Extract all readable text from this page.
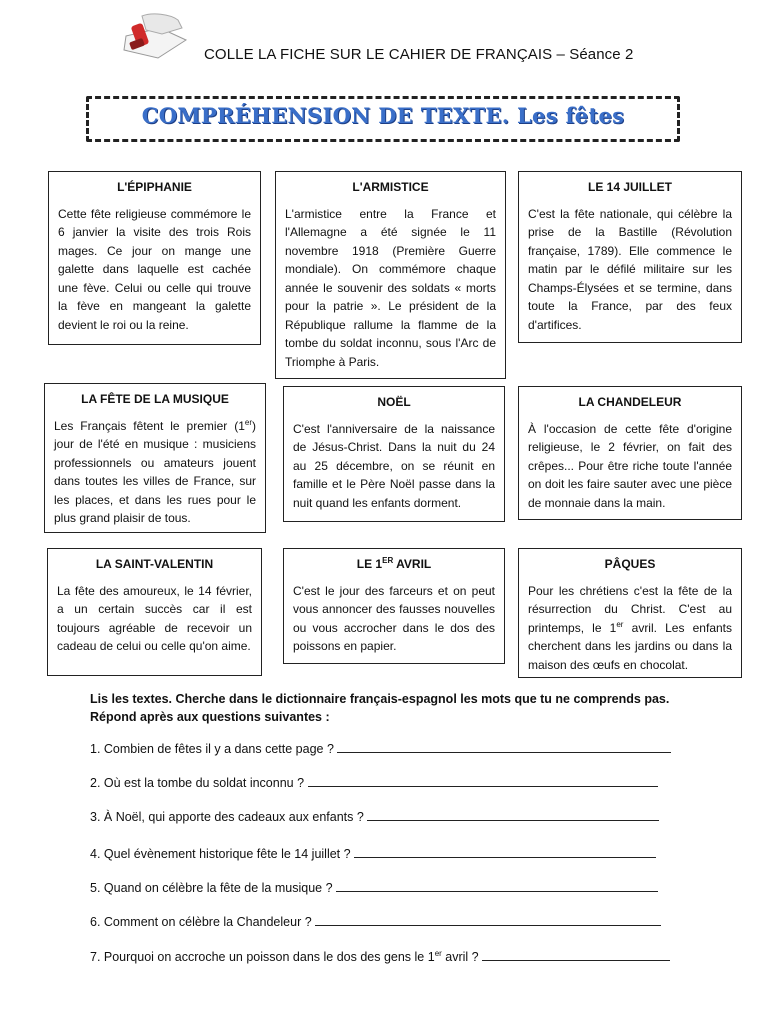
COLLE LA FICHE SUR LE CAHIER DE FRANÇAIS – Séance 2
COMPRÉHENSION DE TEXTE. Les fêtes
L'ÉPIPHANIE
Cette fête religieuse commémore le 6 janvier la visite des trois Rois mages. Ce jour on mange une galette dans laquelle est cachée une fève. Celui ou celle qui trouve la fève en mangeant la galette devient le roi ou la reine.
L'ARMISTICE
L'armistice entre la France et l'Allemagne a été signée le 11 novembre 1918 (Première Guerre mondiale). On commémore chaque année le souvenir des soldats « morts pour la patrie ». Le président de la République rallume la flamme de la tombe du soldat inconnu, sous l'Arc de Triomphe à Paris.
LE 14 JUILLET
C'est la fête nationale, qui célèbre la prise de la Bastille (Révolution française, 1789). Elle commence le matin par le défilé militaire sur les Champs-Élysées et se termine, dans toute la France, par des feux d'artifices.
LA FÊTE DE LA MUSIQUE
Les Français fêtent le premier (1er) jour de l'été en musique : musiciens professionnels ou amateurs jouent dans toutes les villes de France, sur les places, et dans les rues pour le plus grand plaisir de tous.
NOËL
C'est l'anniversaire de la naissance de Jésus-Christ. Dans la nuit du 24 au 25 décembre, on se réunit en famille et le Père Noël passe dans la nuit quand les enfants dorment.
LA CHANDELEUR
À l'occasion de cette fête d'origine religieuse, le 2 février, on fait des crêpes... Pour être riche toute l'année on doit les faire sauter avec une pièce de monnaie dans la main.
LA SAINT-VALENTIN
La fête des amoureux, le 14 février, a un certain succès car il est toujours agréable de recevoir un cadeau de celui ou celle qu'on aime.
LE 1ER AVRIL
C'est le jour des farceurs et on peut vous annoncer des fausses nouvelles ou vous accrocher dans le dos des poissons en papier.
PÂQUES
Pour les chrétiens c'est la fête de la résurrection du Christ. C'est au printemps, le 1er avril. Les enfants cherchent dans les jardins ou dans la maison des œufs en chocolat.
Lis les textes. Cherche dans le dictionnaire français-espagnol les mots que tu ne comprends pas.
Répond après aux questions suivantes :
1. Combien de fêtes il y a dans cette page ?
2. Où est la tombe du soldat inconnu ?
3. À Noël, qui apporte des cadeaux aux enfants ?
4. Quel évènement historique fête le 14 juillet ?
5. Quand on célèbre la fête de la musique ?
6. Comment on célèbre la Chandeleur ?
7. Pourquoi on accroche un poisson dans le dos des gens le 1er avril ?
